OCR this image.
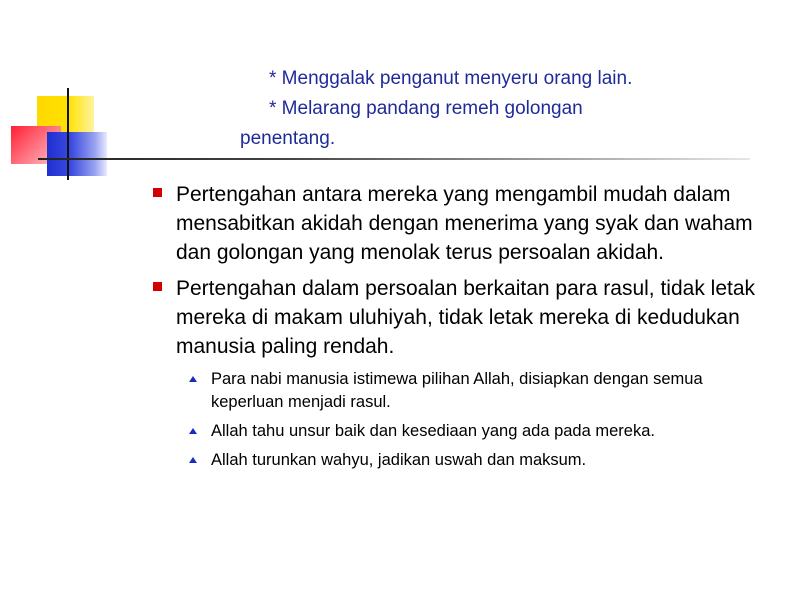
* Menggalak penganut menyeru orang lain.
* Melarang pandang remeh golongan
penentang.
Pertengahan antara mereka yang mengambil mudah dalam mensabitkan akidah dengan menerima yang syak dan waham dan golongan yang menolak terus persoalan akidah.
Pertengahan dalam persoalan berkaitan para rasul, tidak letak mereka di makam uluhiyah, tidak letak mereka di kedudukan manusia paling rendah.
Para nabi manusia istimewa pilihan Allah, disiapkan dengan semua keperluan menjadi rasul.
Allah tahu unsur baik dan kesediaan yang ada pada mereka.
Allah turunkan wahyu, jadikan uswah dan maksum.
